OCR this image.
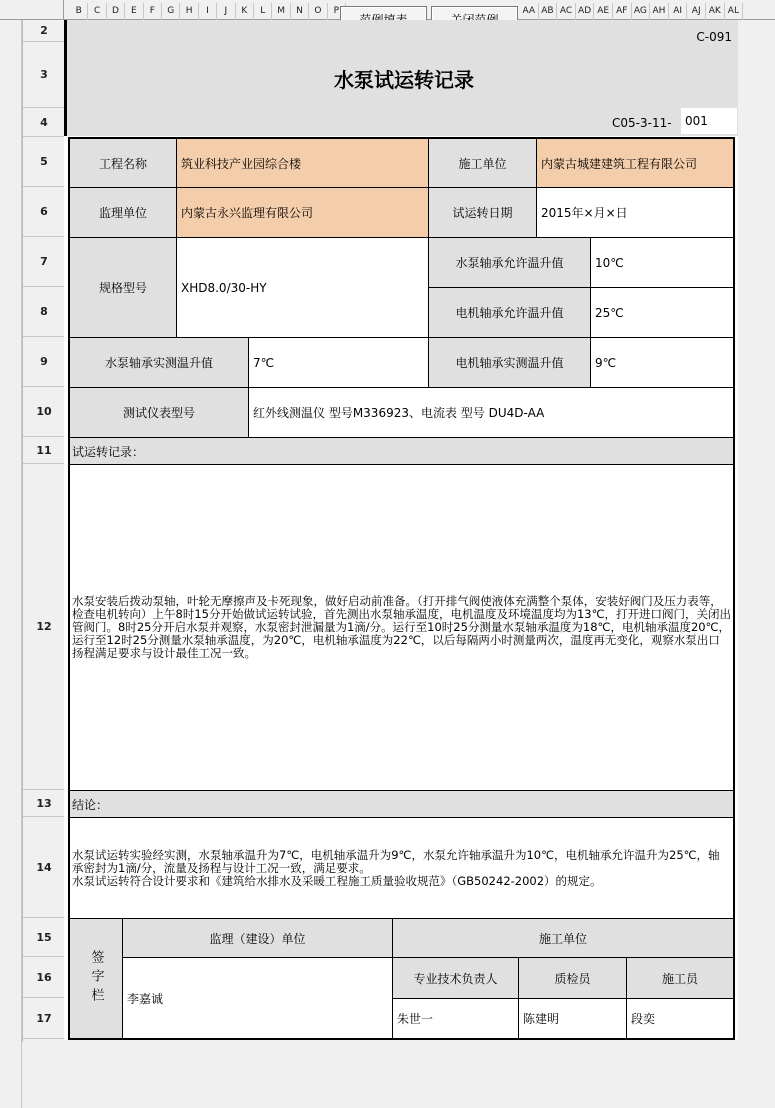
B	C	D	E	F	G	H	I	J	K	L	M	N	O	P	AA AB AC AD AE AF AG AH AI	AJ AK AL
2
3
4
5
6
7
8
9
10
11
12
13
14
15
16
17
C-091
水泵试运转记录
C05-3-11-	001
工程名称	筑业科技产业园综合楼	施工单位	内蒙古城建建筑工程有限公司
监理单位	内蒙古永兴监理有限公司	试运转日期	2015年×月×日
规格型号	XHD8.0/30-HY
水泵轴承允许温升值	10℃
电机轴承允许温升值	25℃
水泵轴承实测温升值	7℃	电机轴承实测温升值	9℃
测试仪表型号	红外线测温仪 型号M336923、电流表 型号 DU4D-AA
试运转记录：
水泵安装后拨动泵轴，叶轮无摩擦声及卡死现象，做好启动前准备。（打开排气阀使液体充满整个泵体，安装好阀门及压力表等，检查电机转向）上午8时15分开始做试运转试验，首先测出水泵轴承温度，电机温度及环境温度均为13℃，打开进口阀门，关闭出管阀门。8时25分开启水泵并观察，水泵密封泄漏量为1滴/分。运行至10时25分测量水泵轴承温度为18℃，电机轴承温度20℃，运行至12时25分测量水泵轴承温度，为20℃，电机轴承温度为22℃，以后每隔两小时测量两次，温度再无变化，观察水泵出口扬程满足要求与设计最佳工况一致。
结论：
水泵试运转实验经实测，水泵轴承温升为7℃，电机轴承温升为9℃，水泵允许轴承温升为10℃，电机轴承允许温升为25℃，轴承密封为1滴/分，流量及扬程与设计工况一致，满足要求。
水泵试运转符合设计要求和《建筑给水排水及采暖工程施工质量验收规范》（GB50242-2002）的规定。
签字栏
监理（建设）单位	施工单位
李嘉诚
专业技术负责人	质检员	施工员
朱世一	陈建明	段奕
